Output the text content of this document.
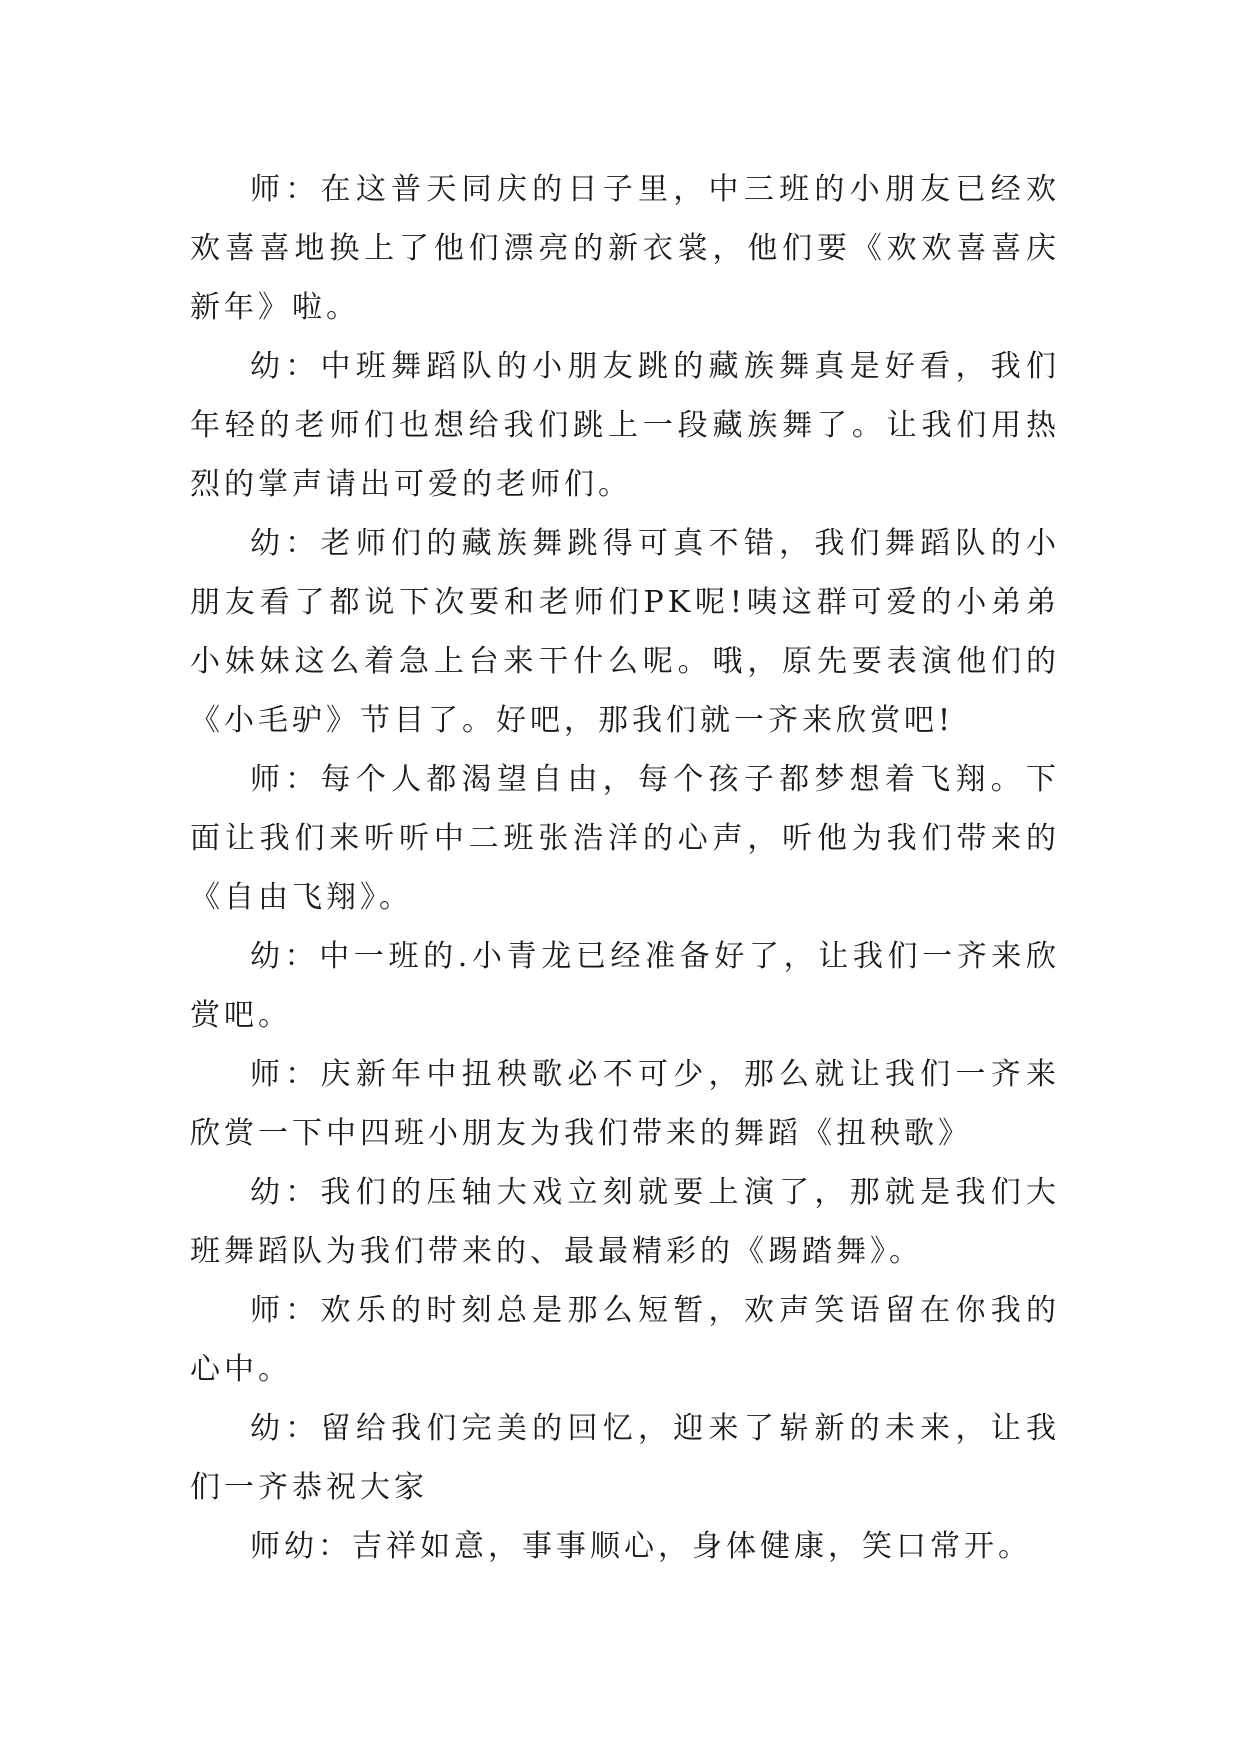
师：在这普天同庆的日子里，中三班的小朋友已经欢欢喜喜地换上了他们漂亮的新衣裳，他们要《欢欢喜喜庆新年》啦。

幼：中班舞蹈队的小朋友跳的藏族舞真是好看，我们年轻的老师们也想给我们跳上一段藏族舞了。让我们用热烈的掌声请出可爱的老师们。

幼：老师们的藏族舞跳得可真不错，我们舞蹈队的小朋友看了都说下次要和老师们PK呢!咦这群可爱的小弟弟小妹妹这么着急上台来干什么呢。哦，原先要表演他们的《小毛驴》节目了。好吧，那我们就一齐来欣赏吧!

师：每个人都渴望自由，每个孩子都梦想着飞翔。下面让我们来听听中二班张浩洋的心声，听他为我们带来的《自由飞翔》。

幼：中一班的.小青龙已经准备好了，让我们一齐来欣赏吧。

师：庆新年中扭秧歌必不可少，那么就让我们一齐来欣赏一下中四班小朋友为我们带来的舞蹈《扭秧歌》

幼：我们的压轴大戏立刻就要上演了，那就是我们大班舞蹈队为我们带来的、最最精彩的《踢踏舞》。

师：欢乐的时刻总是那么短暂，欢声笑语留在你我的心中。

幼：留给我们完美的回忆，迎来了崭新的未来，让我们一齐恭祝大家

师幼：吉祥如意，事事顺心，身体健康，笑口常开。
